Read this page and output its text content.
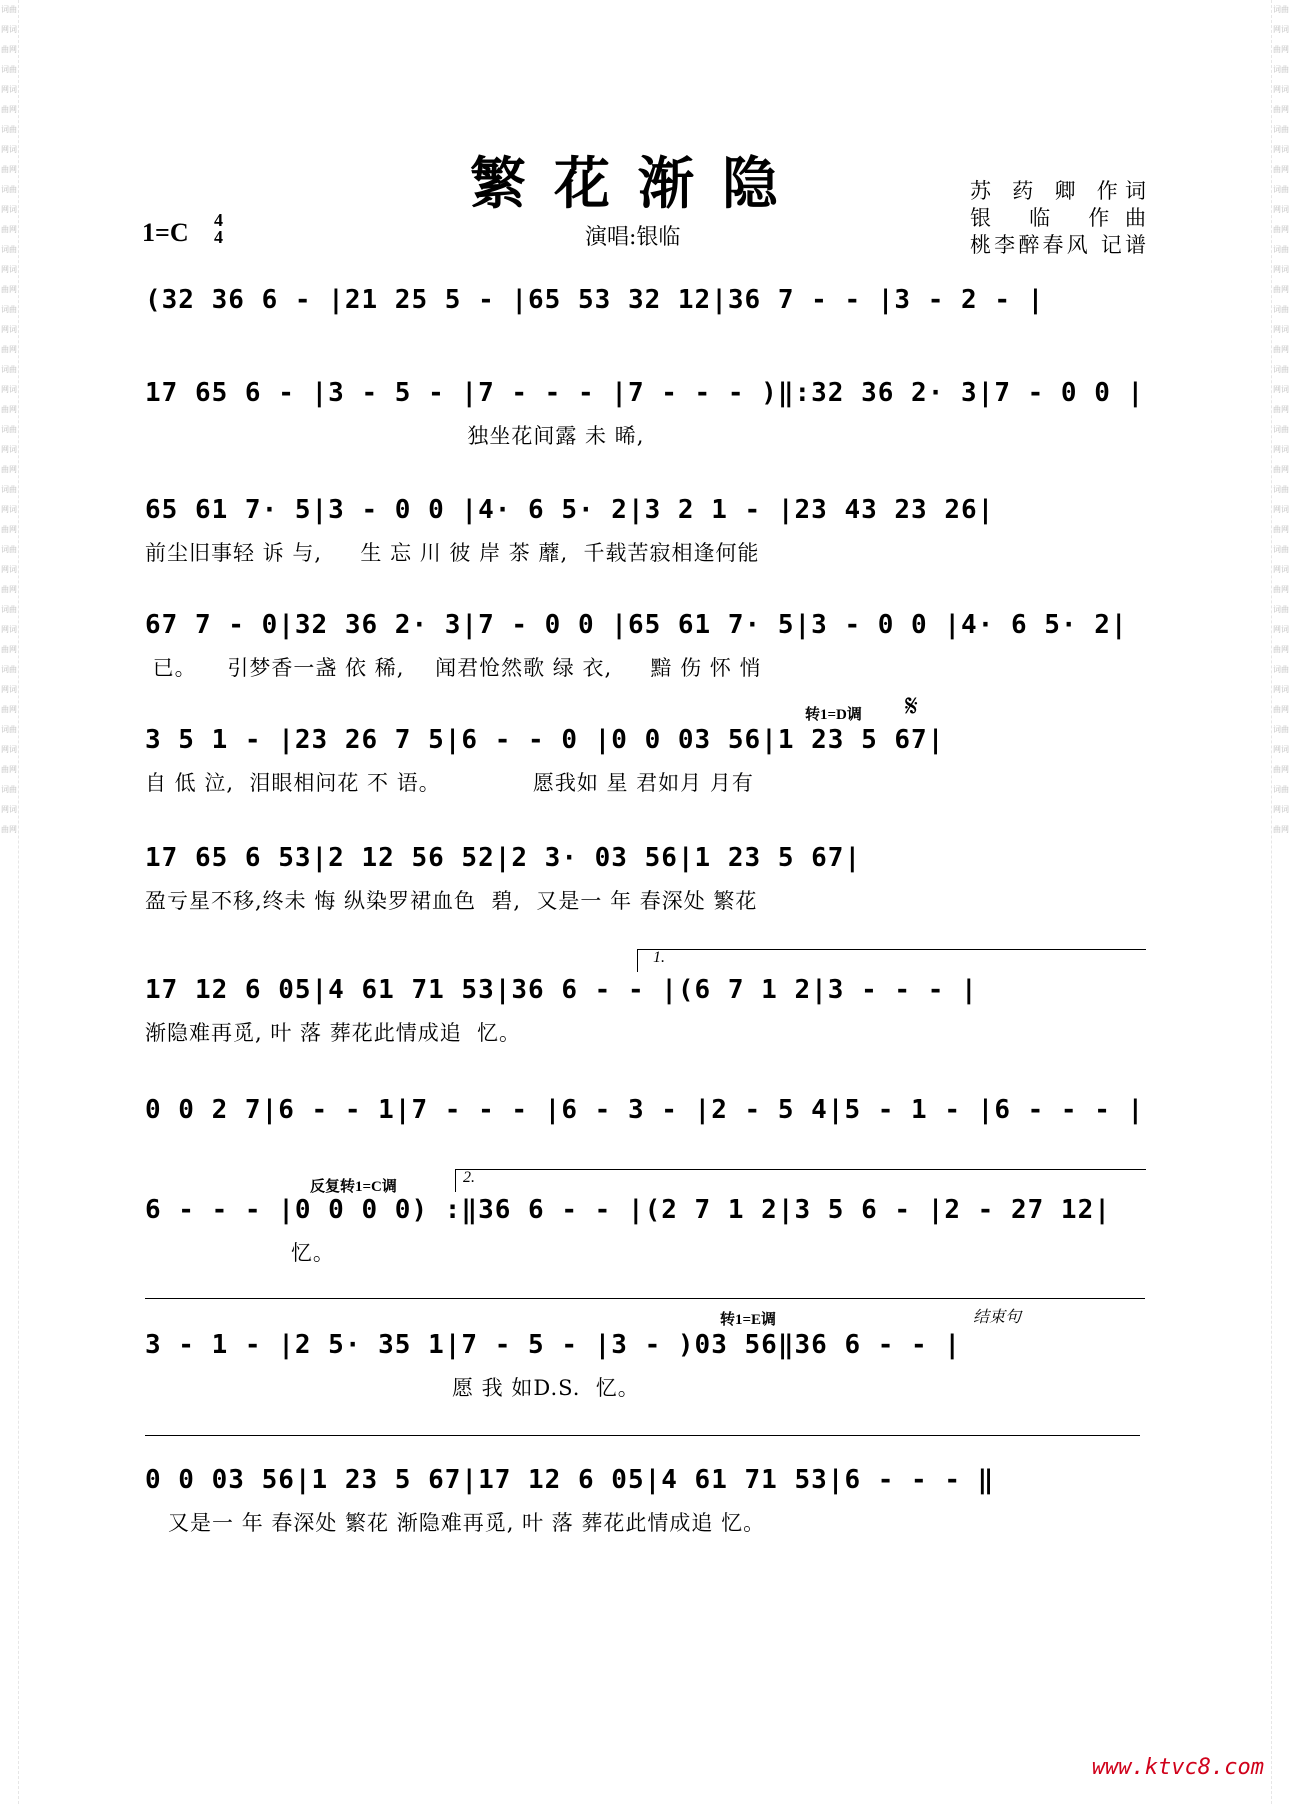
词曲网词曲网词曲网词曲网词曲网词曲网词曲网词曲网词曲网词曲网词曲网词曲网词曲网词曲网词曲网词曲网词曲网词曲网词曲网词曲网词曲网词曲网词曲网词曲网词曲网词曲网词曲网词曲网
词曲网词曲网词曲网词曲网词曲网词曲网词曲网词曲网词曲网词曲网词曲网词曲网词曲网词曲网词曲网词曲网词曲网词曲网词曲网词曲网词曲网词曲网词曲网词曲网词曲网词曲网词曲网词曲网
繁花渐隐
1=C 4
4	演唱:银临
苏 药 卿 作词
银 临 作曲
桃李醉春风 记谱
(32 36 6 - |21 25 5 - |65 53 32 12|36 7 - - |3 - 2 - |
17 65 6 - |3 - 5 - |7 - - - |7 - - - )‖:32 36 2· 3|7 - 0 0 |
独坐花间露 未 晞,
65 61 7· 5|3 - 0 0 |4· 6 5· 2|3 2 1 - |23 43 23 26|
前尘旧事轻 诉 与,     生 忘 川 彼 岸 茶 蘼,  千载苦寂相逢何能
67 7 - 0|32 36 2· 3|7 - 0 0 |65 61 7· 5|3 - 0 0 |4· 6 5· 2|
已。    引梦香一盏 依 稀,    闻君怆然歌 绿 衣,     黯 伤 怀 悄
转1=D调 𝄋
3 5 1 - |23 26 7 5|6 - - 0 |0 0 03 56|1 23 5 67|
自 低 泣,  泪眼相问花 不 语。            愿我如 星 君如月 月有
17 65 6 53|2 12 56 52|2 3· 03 56|1 23 5 67|
盈亏星不移,终未 悔 纵染罗裙血色  碧,  又是一 年 春深处 繁花
1.
17 12 6 05|4 61 71 53|36 6 - - |(6 7 1 2|3 - - - |
渐隐难再觅, 叶 落 葬花此情成追  忆。
0 0 2 7|6 - - 1|7 - - - |6 - 3 - |2 - 5 4|5 - 1 - |6 - - - |
反复转1=C调
2.
6 - - - |0 0 0 0) :‖36 6 - - |(2 7 1 2|3 5 6 - |2 - 27 12|
忆。
转1=E调	结束句
3 - 1 - |2 5· 35 1|7 - 5 - |3 - )03 56‖36 6 - - |
愿 我 如D.S.  忆。
0 0 03 56|1 23 5 67|17 12 6 05|4 61 71 53|6 - - - ‖
又是一 年 春深处 繁花 渐隐难再觅, 叶 落 葬花此情成追 忆。
www.ktvc8.com
